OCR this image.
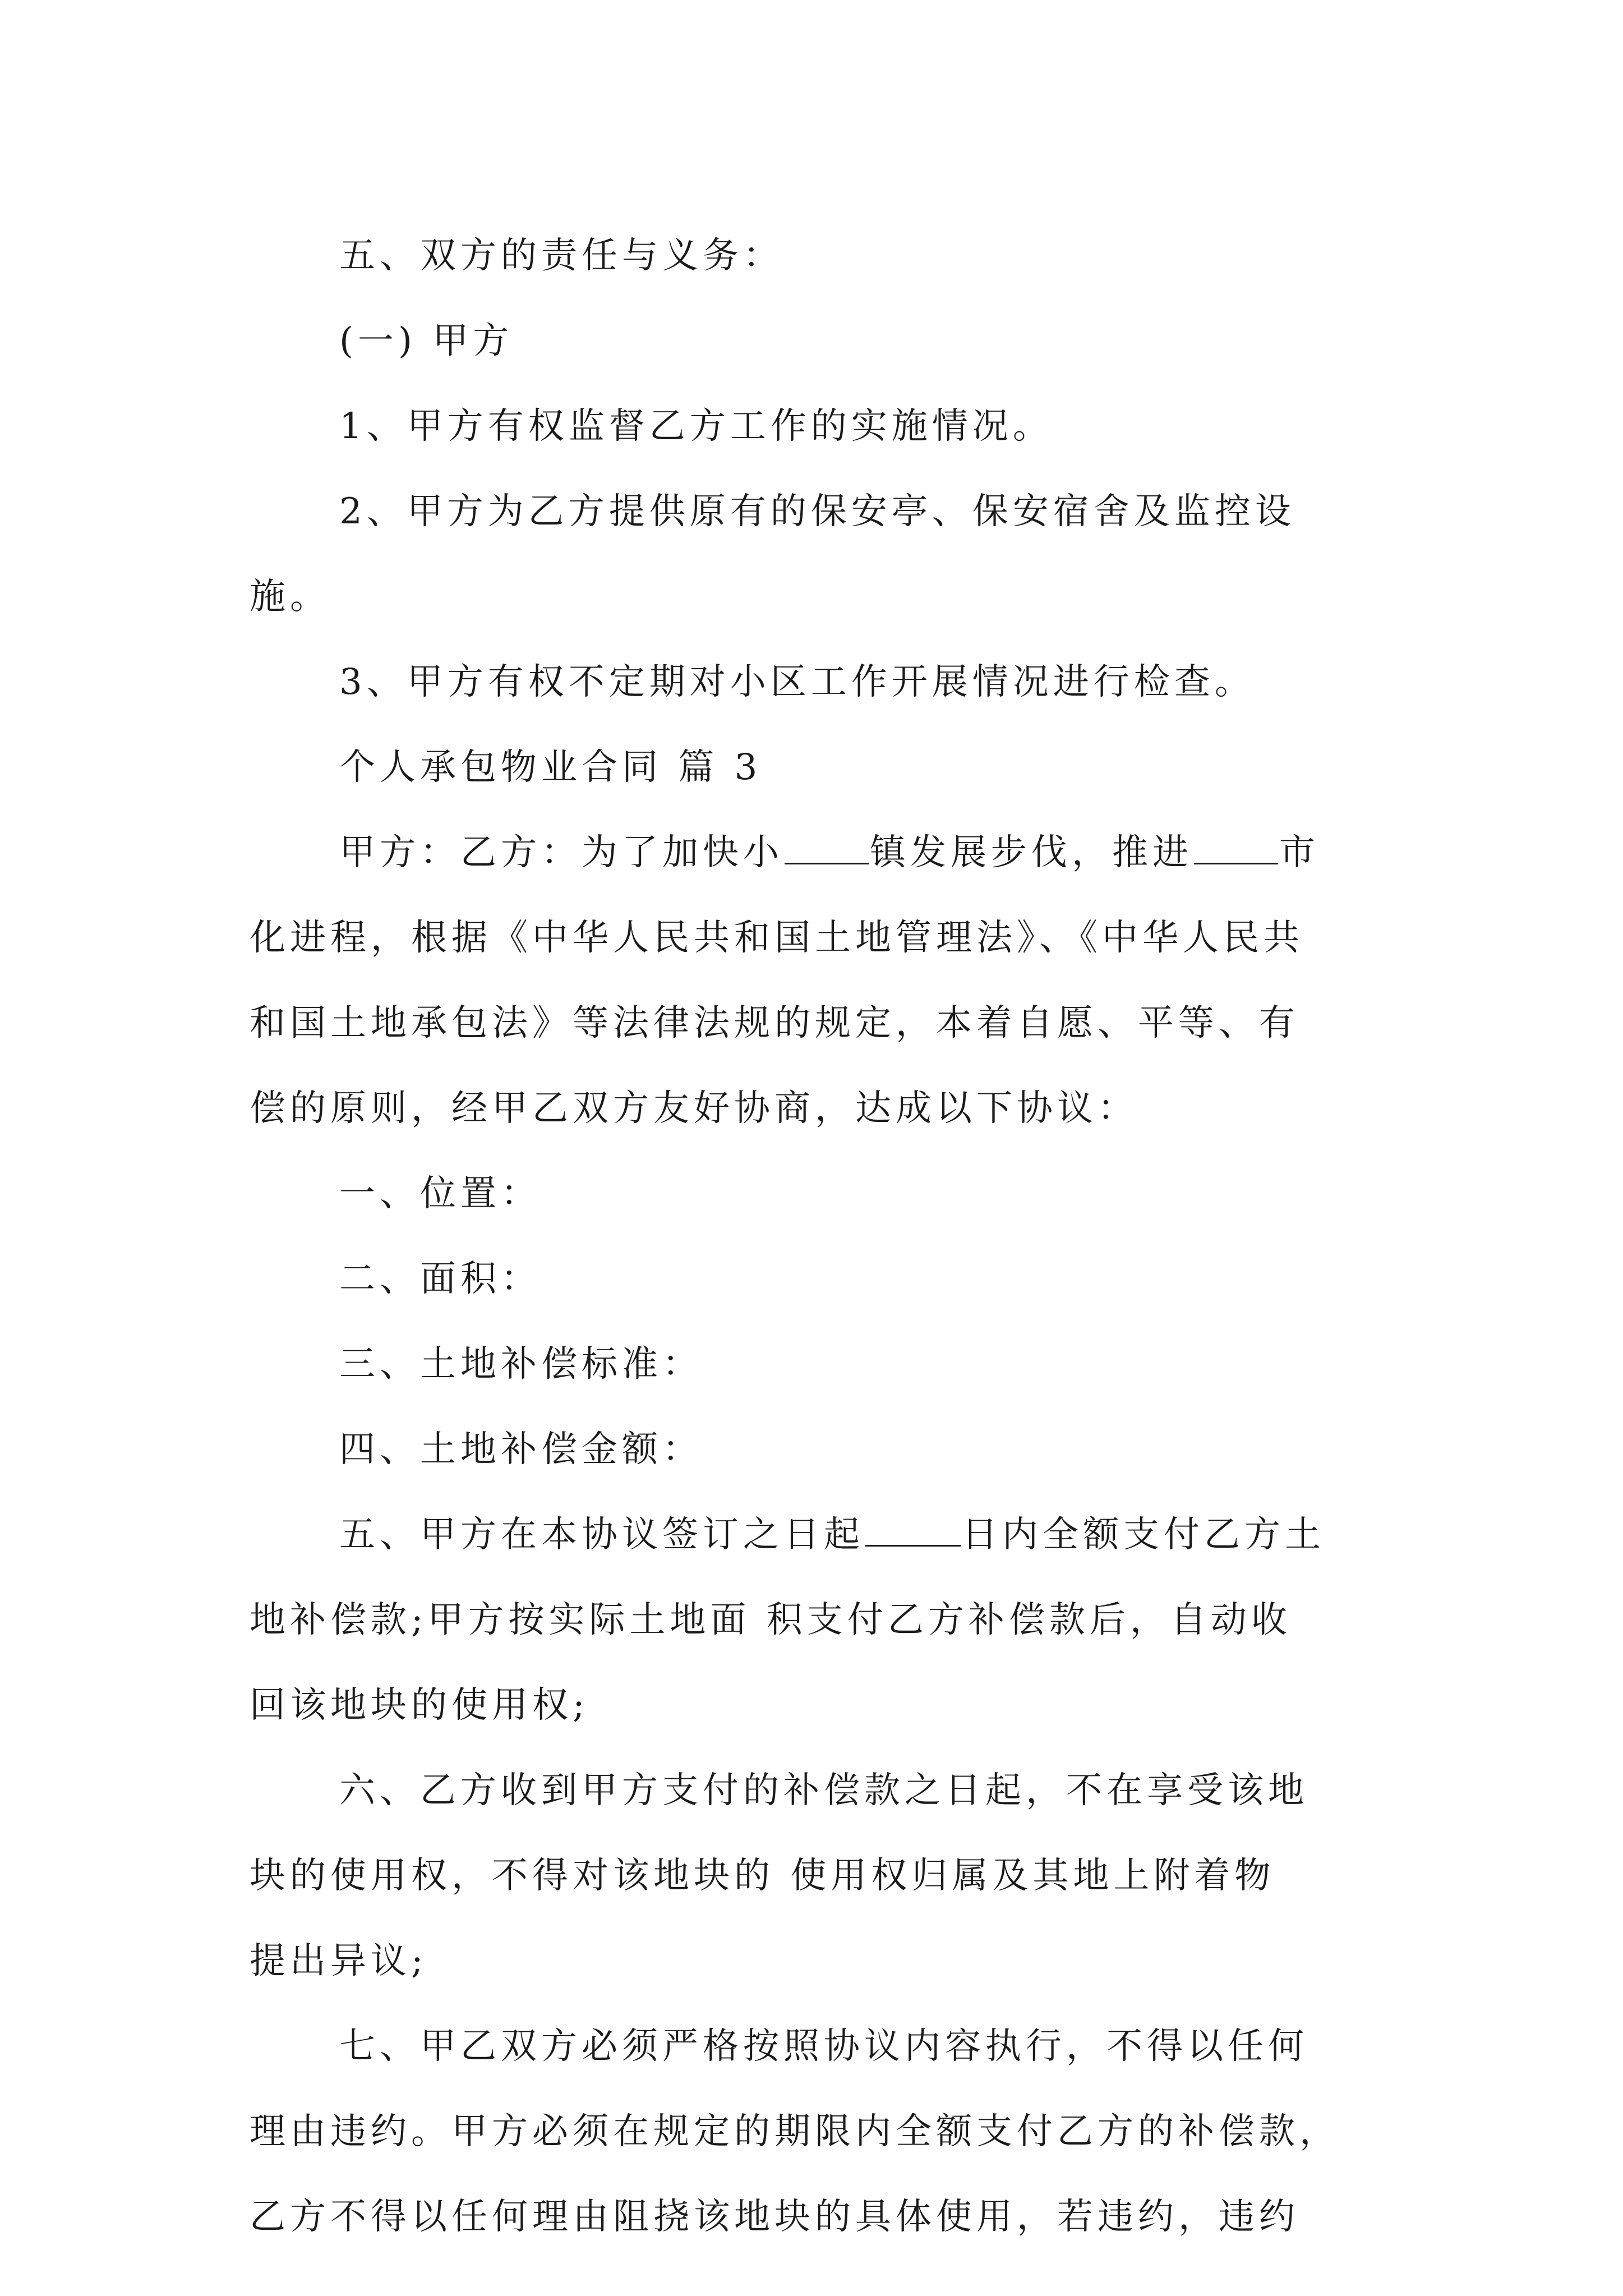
五、双方的责任与义务：

(一) 甲方

1、甲方有权监督乙方工作的实施情况。

2、甲方为乙方提供原有的保安亭、保安宿舍及监控设

施。

3、甲方有权不定期对小区工作开展情况进行检查。

个人承包物业合同 篇 3

甲方：乙方：为了加快小 镇发展步伐，推进 市

化进程，根据《中华人民共和国土地管理法》、《中华人民共

和国土地承包法》等法律法规的规定，本着自愿、平等、有

偿的原则，经甲乙双方友好协商，达成以下协议：

一、位置：

二、面积：

三、土地补偿标准：

四、土地补偿金额：

五、甲方在本协议签订之日起	日内全额支付乙方土

地补偿款;甲方按实际土地面 积支付乙方补偿款后，自动收

回该地块的使用权;

六、乙方收到甲方支付的补偿款之日起，不在享受该地

块的使用权，不得对该地块的 使用权归属及其地上附着物

提出异议;

七、甲乙双方必须严格按照协议内容执行，不得以任何

理由违约。甲方必须在规定的期限内全额支付乙方的补偿款，

乙方不得以任何理由阻挠该地块的具体使用，若违约，违约
